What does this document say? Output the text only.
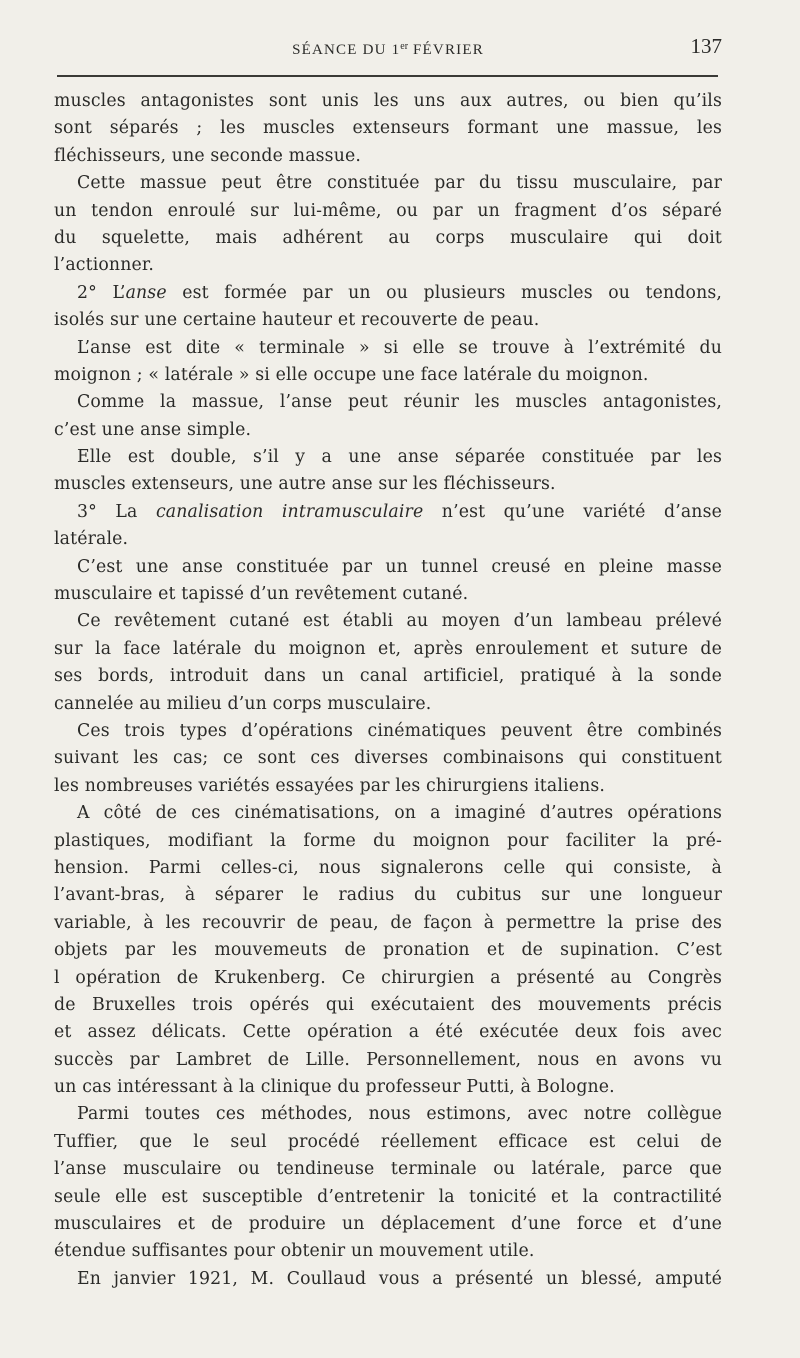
SÉANCE DU 1er FÉVRIER	137
muscles antagonistes sont unis les uns aux autres, ou bien qu’ils
sont séparés ; les muscles extenseurs formant une massue, les
fléchisseurs, une seconde massue.
Cette massue peut être constituée par du tissu musculaire, par
un tendon enroulé sur lui-même, ou par un fragment d’os séparé
du squelette, mais adhérent au corps musculaire qui doit
l’actionner.
2° L’anse est formée par un ou plusieurs muscles ou tendons,
isolés sur une certaine hauteur et recouverte de peau.
L’anse est dite « terminale » si elle se trouve à l’extrémité du
moignon ; « latérale » si elle occupe une face latérale du moignon.
Comme la massue, l’anse peut réunir les muscles antagonistes,
c’est une anse simple.
Elle est double, s’il y a une anse séparée constituée par les
muscles extenseurs, une autre anse sur les fléchisseurs.
3° La canalisation intramusculaire n’est qu’une variété d’anse
latérale.
C’est une anse constituée par un tunnel creusé en pleine masse
musculaire et tapissé d’un revêtement cutané.
Ce revêtement cutané est établi au moyen d’un lambeau prélevé
sur la face latérale du moignon et, après enroulement et suture de
ses bords, introduit dans un canal artificiel, pratiqué à la sonde
cannelée au milieu d’un corps musculaire.
Ces trois types d’opérations cinématiques peuvent être combinés
suivant les cas; ce sont ces diverses combinaisons qui constituent
les nombreuses variétés essayées par les chirurgiens italiens.
A côté de ces cinématisations, on a imaginé d’autres opérations
plastiques, modifiant la forme du moignon pour faciliter la pré-
hension. Parmi celles-ci, nous signalerons celle qui consiste, à
l’avant-bras, à séparer le radius du cubitus sur une longueur
variable, à les recouvrir de peau, de façon à permettre la prise des
objets par les mouvemeuts de pronation et de supination. C’est
l opération de Krukenberg. Ce chirurgien a présenté au Congrès
de Bruxelles trois opérés qui exécutaient des mouvements précis
et assez délicats. Cette opération a été exécutée deux fois avec
succès par Lambret de Lille. Personnellement, nous en avons vu
un cas intéressant à la clinique du professeur Putti, à Bologne.
Parmi toutes ces méthodes, nous estimons, avec notre collègue
Tuffier, que le seul procédé réellement efficace est celui de
l’anse musculaire ou tendineuse terminale ou latérale, parce que
seule elle est susceptible d’entretenir la tonicité et la contractilité
musculaires et de produire un déplacement d’une force et d’une
étendue suffisantes pour obtenir un mouvement utile.
En janvier 1921, M. Coullaud vous a présenté un blessé, amputé
